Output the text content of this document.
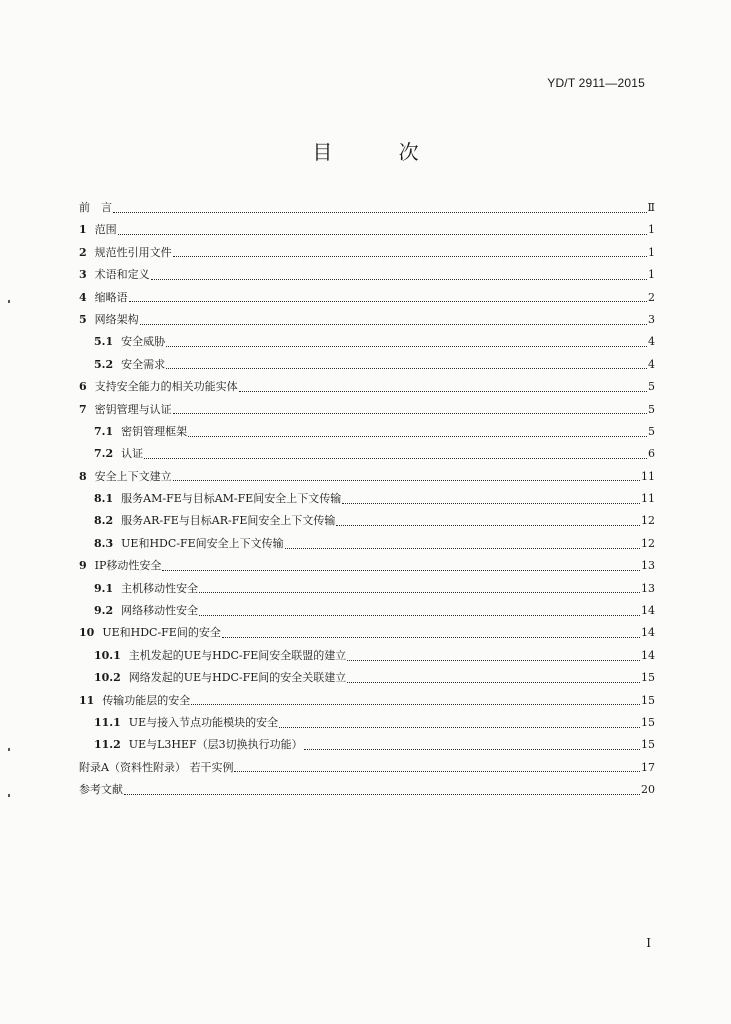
YD/T 2911—2015
目 次
前　言	Ⅱ
1 范围	1
2 规范性引用文件	1
3 术语和定义	1
4 缩略语	2
5 网络架构	3
5.1 安全威胁	4
5.2 安全需求	4
6 支持安全能力的相关功能实体	5
7 密钥管理与认证	5
7.1 密钥管理框架	5
7.2 认证	6
8 安全上下文建立	11
8.1 服务AM-FE与目标AM-FE间安全上下文传输	11
8.2 服务AR-FE与目标AR-FE间安全上下文传输	12
8.3 UE和HDC-FE间安全上下文传输	12
9 IP移动性安全	13
9.1 主机移动性安全	13
9.2 网络移动性安全	14
10 UE和HDC-FE间的安全	14
10.1 主机发起的UE与HDC-FE间安全联盟的建立	14
10.2 网络发起的UE与HDC-FE间的安全关联建立	15
11 传输功能层的安全	15
11.1 UE与接入节点功能模块的安全	15
11.2 UE与L3HEF（层3切换执行功能）	15
附录A（资料性附录） 若干实例	17
参考文献	20
I
